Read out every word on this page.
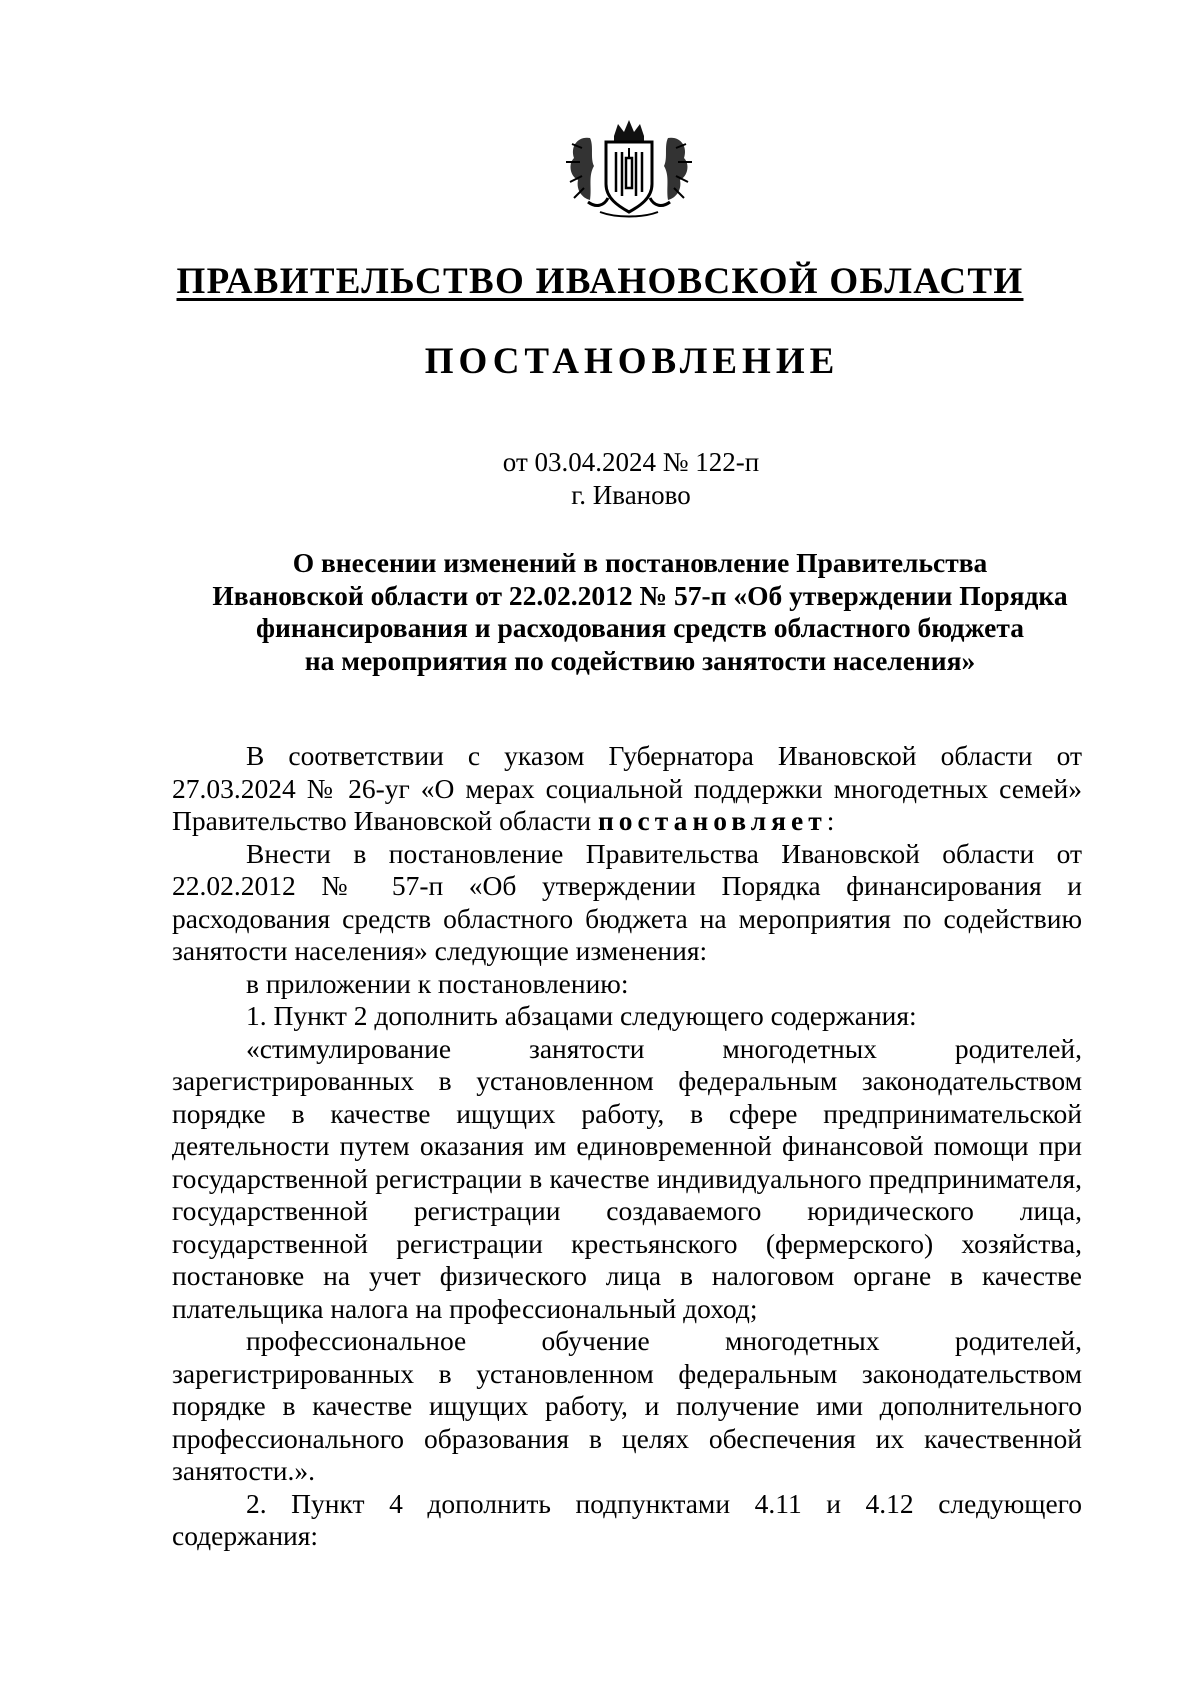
ПРАВИТЕЛЬСТВО ИВАНОВСКОЙ ОБЛАСТИ
ПОСТАНОВЛЕНИЕ
от 03.04.2024 № 122-п
г. Иваново
О внесении изменений в постановление Правительства
Ивановской области от 22.02.2012 № 57-п «Об утверждении Порядка
финансирования и расходования средств областного бюджета
на мероприятия по содействию занятости населения»

В соответствии с указом Губернатора Ивановской области от 27.03.2024 № 26-уг «О мерах социальной поддержки многодетных семей» Правительство Ивановской области постановляет:

Внести в постановление Правительства Ивановской области от 22.02.2012 № 57-п «Об утверждении Порядка финансирования и расходования средств областного бюджета на мероприятия по содействию занятости населения» следующие изменения:

в приложении к постановлению:

1. Пункт 2 дополнить абзацами следующего содержания:

«стимулирование занятости многодетных родителей, зарегистрированных в установленном федеральным законодательством порядке в качестве ищущих работу, в сфере предпринимательской деятельности путем оказания им единовременной финансовой помощи при государственной регистрации в качестве индивидуального предпринимателя, государственной регистрации создаваемого юридического лица, государственной регистрации крестьянского (фермерского) хозяйства, постановке на учет физического лица в налоговом органе в качестве плательщика налога на профессиональный доход;

профессиональное обучение многодетных родителей, зарегистрированных в установленном федеральным законодательством порядке в качестве ищущих работу, и получение ими дополнительного профессионального образования в целях обеспечения их качественной занятости.».

2. Пункт 4 дополнить подпунктами 4.11 и 4.12 следующего содержания:
